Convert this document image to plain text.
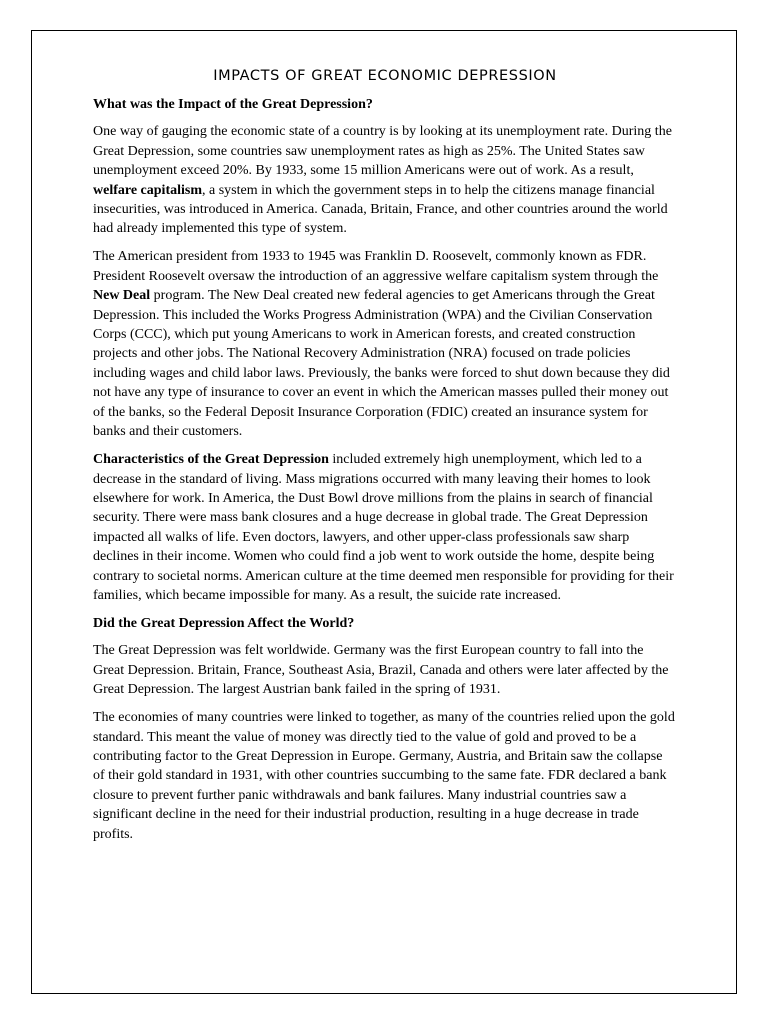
IMPACTS OF GREAT ECONOMIC DEPRESSION
What was the Impact of the Great Depression?

One way of gauging the economic state of a country is by looking at its unemployment rate. During the Great Depression, some countries saw unemployment rates as high as 25%. The United States saw unemployment exceed 20%. By 1933, some 15 million Americans were out of work. As a result, welfare capitalism, a system in which the government steps in to help the citizens manage financial insecurities, was introduced in America. Canada, Britain, France, and other countries around the world had already implemented this type of system.

The American president from 1933 to 1945 was Franklin D. Roosevelt, commonly known as FDR. President Roosevelt oversaw the introduction of an aggressive welfare capitalism system through the New Deal program. The New Deal created new federal agencies to get Americans through the Great Depression. This included the Works Progress Administration (WPA) and the Civilian Conservation Corps (CCC), which put young Americans to work in American forests, and created construction projects and other jobs. The National Recovery Administration (NRA) focused on trade policies including wages and child labor laws. Previously, the banks were forced to shut down because they did not have any type of insurance to cover an event in which the American masses pulled their money out of the banks, so the Federal Deposit Insurance Corporation (FDIC) created an insurance system for banks and their customers.

Characteristics of the Great Depression included extremely high unemployment, which led to a decrease in the standard of living. Mass migrations occurred with many leaving their homes to look elsewhere for work. In America, the Dust Bowl drove millions from the plains in search of financial security. There were mass bank closures and a huge decrease in global trade. The Great Depression impacted all walks of life. Even doctors, lawyers, and other upper-class professionals saw sharp declines in their income. Women who could find a job went to work outside the home, despite being contrary to societal norms. American culture at the time deemed men responsible for providing for their families, which became impossible for many. As a result, the suicide rate increased.

Did the Great Depression Affect the World?

The Great Depression was felt worldwide. Germany was the first European country to fall into the Great Depression. Britain, France, Southeast Asia, Brazil, Canada and others were later affected by the Great Depression. The largest Austrian bank failed in the spring of 1931.

The economies of many countries were linked to together, as many of the countries relied upon the gold standard. This meant the value of money was directly tied to the value of gold and proved to be a contributing factor to the Great Depression in Europe. Germany, Austria, and Britain saw the collapse of their gold standard in 1931, with other countries succumbing to the same fate. FDR declared a bank closure to prevent further panic withdrawals and bank failures. Many industrial countries saw a significant decline in the need for their industrial production, resulting in a huge decrease in trade profits.
